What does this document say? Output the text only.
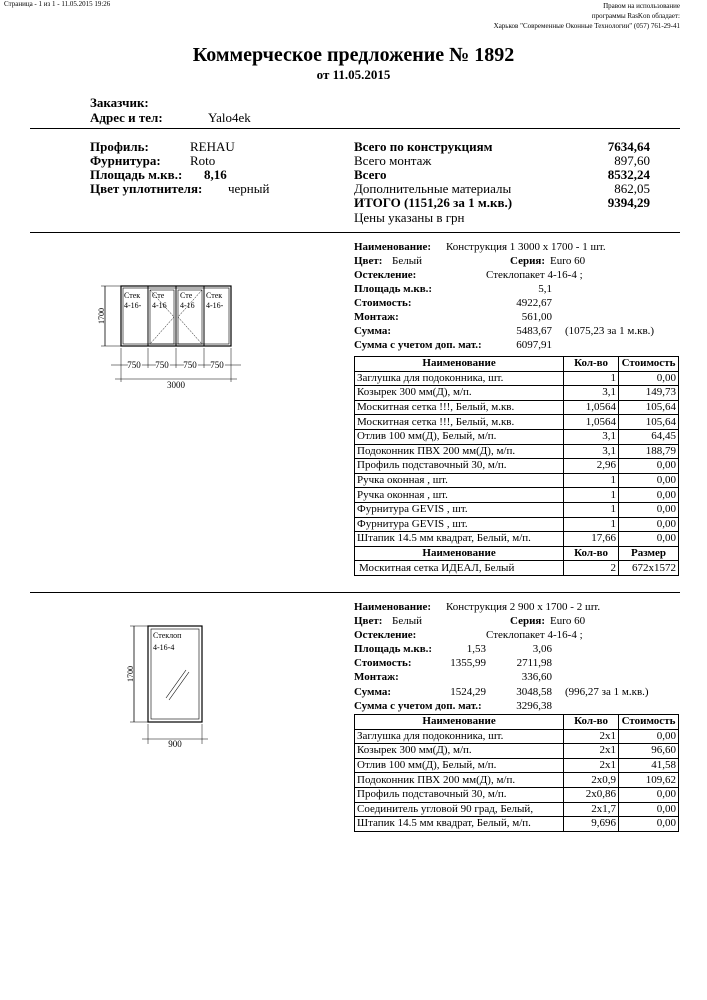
Страница - 1 из 1 - 11.05.2015 19:26	Правом на использование
программы RasKon обладает:
Харьков "Современные Оконные Технологии" (057) 761-29-41
Коммерческое предложение № 1892
от 11.05.2015
Заказчик:
Адрес и тел:	Yalo4ek
Профиль:	REHAU
Фурнитура: Roto
Площадь м.кв.: 8,16
Цвет уплотнителя: черный
Всего по конструкциям	7634,64
Всего монтаж	897,60
Всего	8532,24
Дополнительные материалы	862,05
ИТОГО (1151,26 за 1 м.кв.)	9394,29
Цены указаны в грн
Наименование: Конструкция 1 3000 х 1700 - 1 шт.
Цвет: Белый	Серия: Euro 60
Остекление:	Стеклопакет 4-16-4 ;
Площадь м.кв.:	5,1
Стоимость:	4922,67
Монтаж:	561,00
Сумма:	5483,67 (1075,23 за 1 м.кв.)
Сумма с учетом доп. мат.:	6097,91
1700
Стек
4-16-
Сте
4-16
Сте
4-16
Стек
4-16-
750 750 750 750
3000
Наименование	Кол-во	Стоимость
Заглушка для подоконника, шт.	1	0,00
Козырек 300 мм(Д), м/п.	3,1	149,73
Москитная сетка !!!, Белый, м.кв.	1,0564	105,64
Москитная сетка !!!, Белый, м.кв.	1,0564	105,64
Отлив 100 мм(Д), Белый, м/п.	3,1	64,45
Подоконник ПВХ 200 мм(Д), м/п.	3,1	188,79
Профиль подставочный 30, м/п.	2,96	0,00
Ручка оконная , шт.	1	0,00
Ручка оконная , шт.	1	0,00
Фурнитура GEVIS , шт.	1	0,00
Фурнитура GEVIS , шт.	1	0,00
Штапик 14.5 мм квадрат, Белый, м/п.	17,66	0,00
Наименование	Кол-во	Размер
Москитная сетка ИДЕАЛ, Белый	2	672x1572
Наименование: Конструкция 2 900 х 1700 - 2 шт.
Цвет: Белый	Серия: Euro 60
Остекление:	Стеклопакет 4-16-4 ;
Площадь м.кв.:	1,53	3,06
Стоимость:	1355,99	2711,98
Монтаж:	336,60
Сумма:	1524,29	3048,58 (996,27 за 1 м.кв.)
Сумма с учетом доп. мат.:	3296,38
1700
Стеклоп
4-16-4
900
Наименование	Кол-во	Стоимость
Заглушка для подоконника, шт.	2х1	0,00
Козырек 300 мм(Д), м/п.	2х1	96,60
Отлив 100 мм(Д), Белый, м/п.	2х1	41,58
Подоконник ПВХ 200 мм(Д), м/п.	2х0,9	109,62
Профиль подставочный 30, м/п.	2х0,86	0,00
Соединитель угловой 90 град, Белый,	2х1,7	0,00
Штапик 14.5 мм квадрат, Белый, м/п.	9,696	0,00
